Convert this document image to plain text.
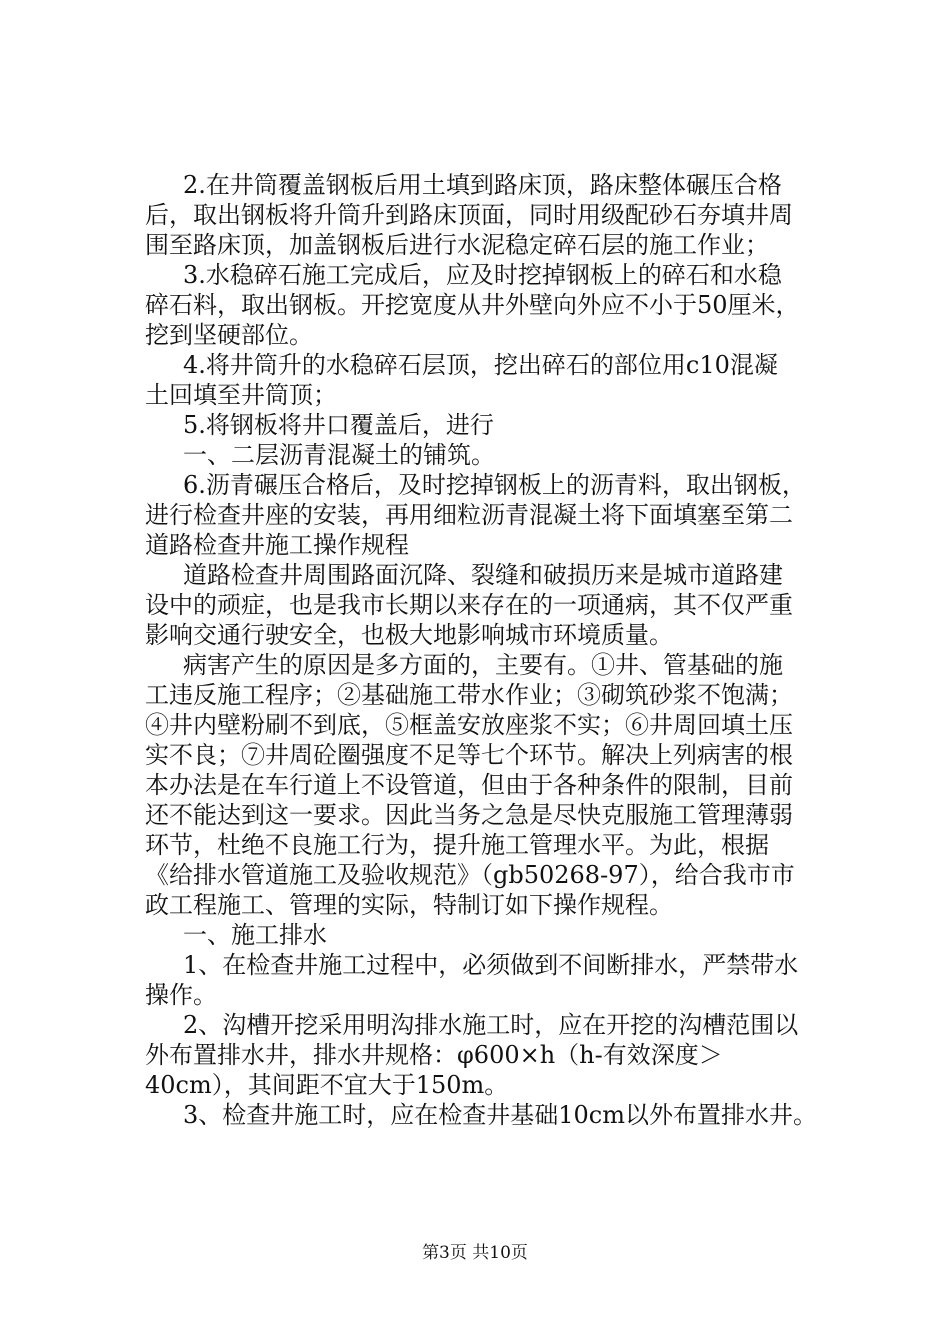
2.在井筒覆盖钢板后用土填到路床顶，路床整体碾压合格
后，取出钢板将升筒升到路床顶面，同时用级配砂石夯填井周
围至路床顶，加盖钢板后进行水泥稳定碎石层的施工作业；
3.水稳碎石施工完成后，应及时挖掉钢板上的碎石和水稳
碎石料，取出钢板。开挖宽度从井外壁向外应不小于50厘米，
挖到坚硬部位。
4.将井筒升的水稳碎石层顶，挖出碎石的部位用c10混凝
土回填至井筒顶；
5.将钢板将井口覆盖后，进行
一、二层沥青混凝土的铺筑。
6.沥青碾压合格后，及时挖掉钢板上的沥青料，取出钢板，
进行检查井座的安装，再用细粒沥青混凝土将下面填塞至第二
道路检查井施工操作规程
道路检查井周围路面沉降、裂缝和破损历来是城市道路建
设中的顽症，也是我市长期以来存在的一项通病，其不仅严重
影响交通行驶安全，也极大地影响城市环境质量。
病害产生的原因是多方面的，主要有。①井、管基础的施
工违反施工程序；②基础施工带水作业；③砌筑砂浆不饱满；
④井内壁粉刷不到底，⑤框盖安放座浆不实；⑥井周回填土压
实不良；⑦井周砼圈强度不足等七个环节。解决上列病害的根
本办法是在车行道上不设管道，但由于各种条件的限制，目前
还不能达到这一要求。因此当务之急是尽快克服施工管理薄弱
环节，杜绝不良施工行为，提升施工管理水平。为此，根据
《给排水管道施工及验收规范》（gb50268-97），给合我市市
政工程施工、管理的实际，特制订如下操作规程。
一、施工排水
1、在检查井施工过程中，必须做到不间断排水，严禁带水
操作。
2、沟槽开挖采用明沟排水施工时，应在开挖的沟槽范围以
外布置排水井，排水井规格：φ600×h（h-有效深度＞
40cm），其间距不宜大于150m。
3、检查井施工时，应在检查井基础10cm以外布置排水井。
第3页 共10页
